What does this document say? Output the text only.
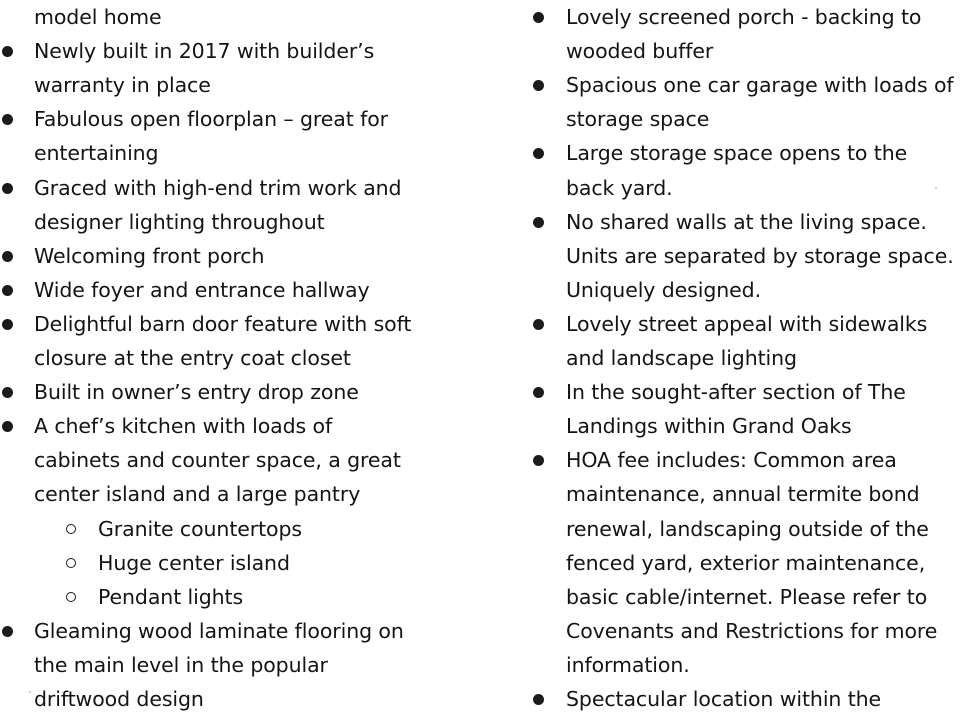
model home
Newly built in 2017 with builder’s
warranty in place
Fabulous open floorplan – great for
entertaining
Graced with high-end trim work and
designer lighting throughout
Welcoming front porch
Wide foyer and entrance hallway
Delightful barn door feature with soft
closure at the entry coat closet
Built in owner’s entry drop zone
A chef’s kitchen with loads of
cabinets and counter space, a great
center island and a large pantry
Granite countertops
Huge center island
Pendant lights
Gleaming wood laminate flooring on
the main level in the popular
driftwood design
Lovely screened porch - backing to
wooded buffer
Spacious one car garage with loads of
storage space
Large storage space opens to the
back yard.
No shared walls at the living space.
Units are separated by storage space.
Uniquely designed.
Lovely street appeal with sidewalks
and landscape lighting
In the sought-after section of The
Landings within Grand Oaks
HOA fee includes: Common area
maintenance, annual termite bond
renewal, landscaping outside of the
fenced yard, exterior maintenance,
basic cable/internet. Please refer to
Covenants and Restrictions for more
information.
Spectacular location within the
